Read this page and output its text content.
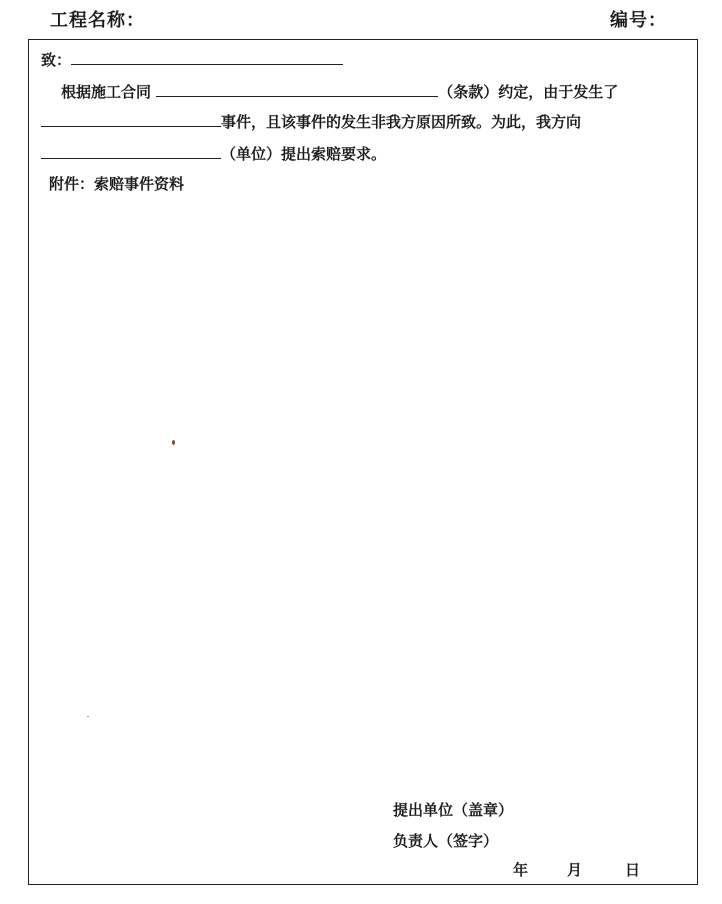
工程名称：	编号：
致：
根据施工合同	（条款）约定，由于发生了
事件，且该事件的发生非我方原因所致。为此，我方向
（单位）提出索赔要求。
附件：索赔事件资料
提出单位（盖章）
负责人（签字）
年	月	日
